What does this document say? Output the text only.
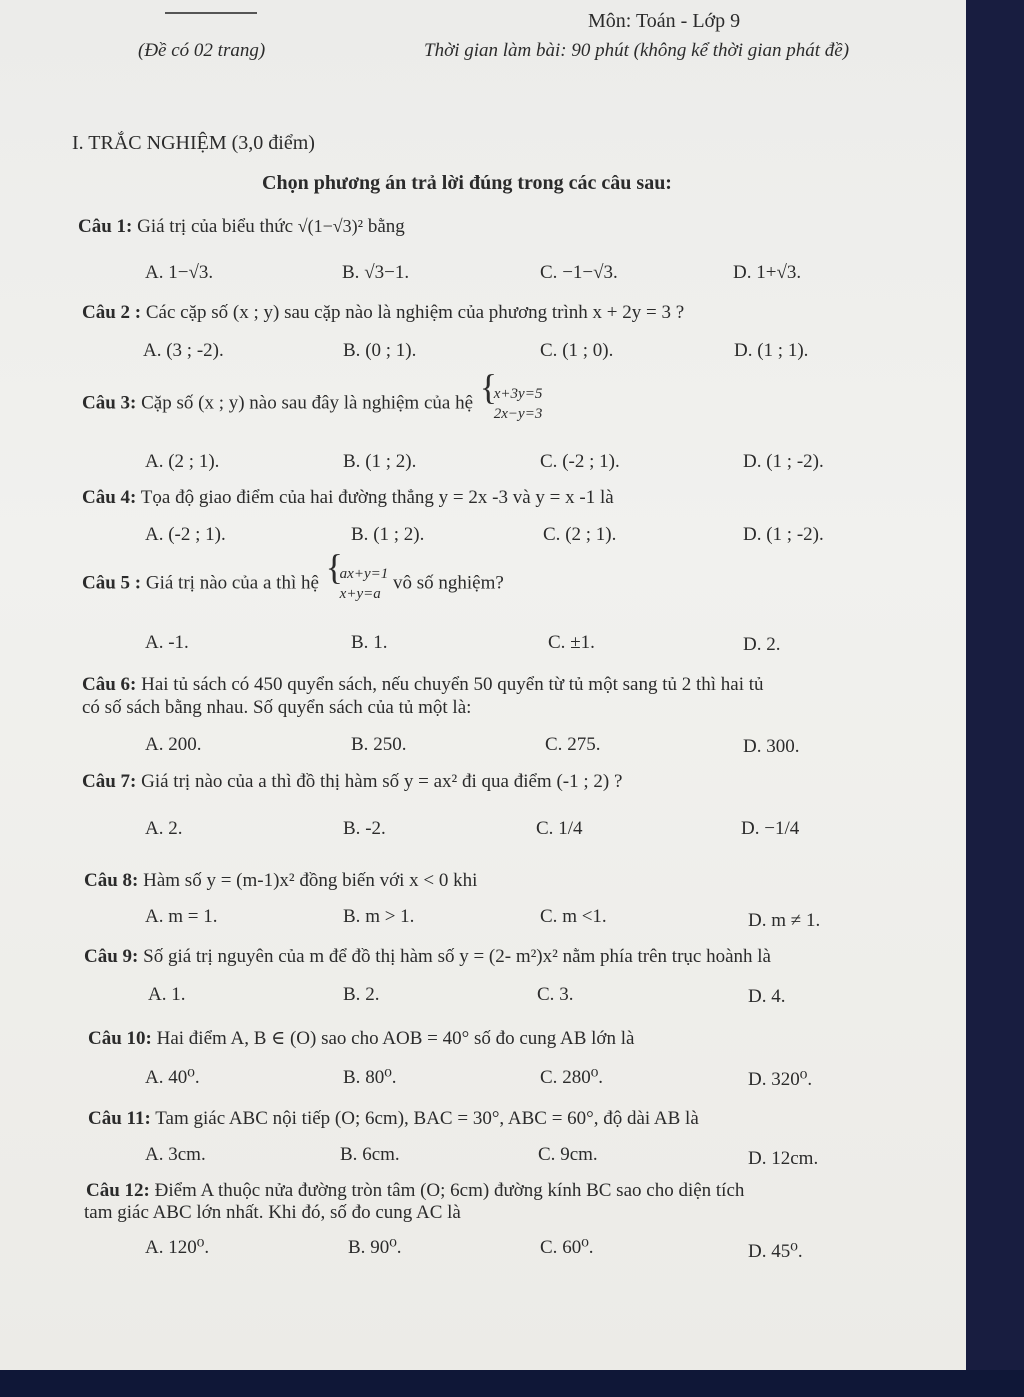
Môn: Toán - Lớp 9
(Đề có 02 trang)	Thời gian làm bài: 90 phút (không kể thời gian phát đề)
I. TRẮC NGHIỆM (3,0 điểm)
Chọn phương án trả lời đúng trong các câu sau:
Câu 1: Giá trị của biểu thức √(1−√3)² bằng
A. 1−√3.	B. √3−1.	C. −1−√3.	D. 1+√3.
Câu 2 : Các cặp số (x ; y) sau cặp nào là nghiệm của phương trình x + 2y = 3 ?
A. (3 ; -2).	B. (0 ; 1).	C. (1 ; 0).	D. (1 ; 1).
Câu 3: Cặp số (x ; y) nào sau đây là nghiệm của hệ { x+3y=5
2x−y=3
A. (2 ; 1).	B. (1 ; 2).	C. (-2 ; 1).	D. (1 ; -2).
Câu 4: Tọa độ giao điểm của hai đường thẳng y = 2x -3 và y = x -1 là
A. (-2 ; 1).	B. (1 ; 2).	C. (2 ; 1).	D. (1 ; -2).
Câu 5 : Giá trị nào của a thì hệ { ax+y=1
x+y=a
vô số nghiệm?
A. -1.	B. 1.	C. ±1.	D. 2.
Câu 6: Hai tủ sách có 450 quyển sách, nếu chuyển 50 quyển từ tủ một sang tủ 2 thì hai tủ
có số sách bằng nhau. Số quyển sách của tủ một là:
A. 200.	B. 250.	C. 275.	D. 300.
Câu 7: Giá trị nào của a thì đồ thị hàm số y = ax² đi qua điểm (-1 ; 2) ?
A. 2.	B. -2.	C. 1/4	D. −1/4
Câu 8: Hàm số y = (m-1)x² đồng biến với x < 0 khi
A. m = 1.	B. m > 1.	C. m <1.	D. m ≠ 1.
Câu 9: Số giá trị nguyên của m để đồ thị hàm số y = (2- m²)x² nằm phía trên trục hoành là
A. 1.	B. 2.	C. 3.	D. 4.
Câu 10: Hai điểm A, B ∈ (O) sao cho AOB = 40° số đo cung AB lớn là
A. 40⁰.	B. 80⁰.	C. 280⁰.	D. 320⁰.
Câu 11: Tam giác ABC nội tiếp (O; 6cm), BAC = 30°, ABC = 60°, độ dài AB là
A. 3cm.	B. 6cm.	C. 9cm.	D. 12cm.
Câu 12: Điểm A thuộc nửa đường tròn tâm (O; 6cm) đường kính BC sao cho diện tích
tam giác ABC lớn nhất. Khi đó, số đo cung AC là
A. 120⁰.	B. 90⁰.	C. 60⁰.	D. 45⁰.
